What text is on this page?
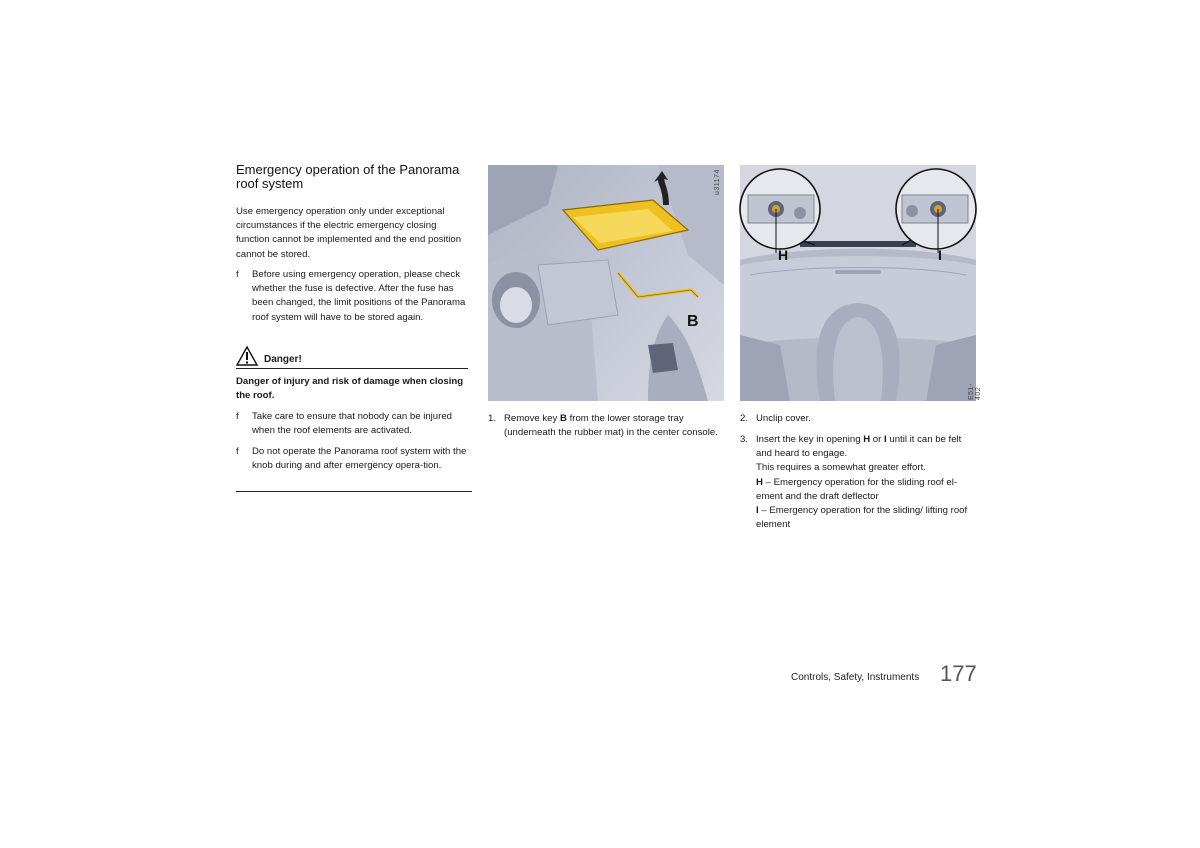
Emergency operation of the Panorama roof system

Use emergency operation only under exceptional circumstances if the electric emergency closing function cannot be implemented and the end position cannot be stored.

f	Before using emergency operation, please check whether the fuse is defective. After the fuse has been changed, the limit positions of the Panorama roof system will have to be stored again.
Danger!

Danger of injury and risk of damage when closing the roof.

f	Take care to ensure that nobody can be injured when the roof elements are activated.
f	Do not operate the Panorama roof system with the knob during and after emergency opera-tion.
B
u31174
1. Remove key B from the lower storage tray (underneath the rubber mat) in the center console.
H	I
E51-402
2. Unclip cover.
3. Insert the key in opening H or I until it can be felt and heard to engage.
This requires a somewhat greater effort.
H – Emergency operation for the sliding roof el-ement and the draft deflector
I – Emergency operation for the sliding/ lifting roof element
Controls, Safety, Instruments 177
